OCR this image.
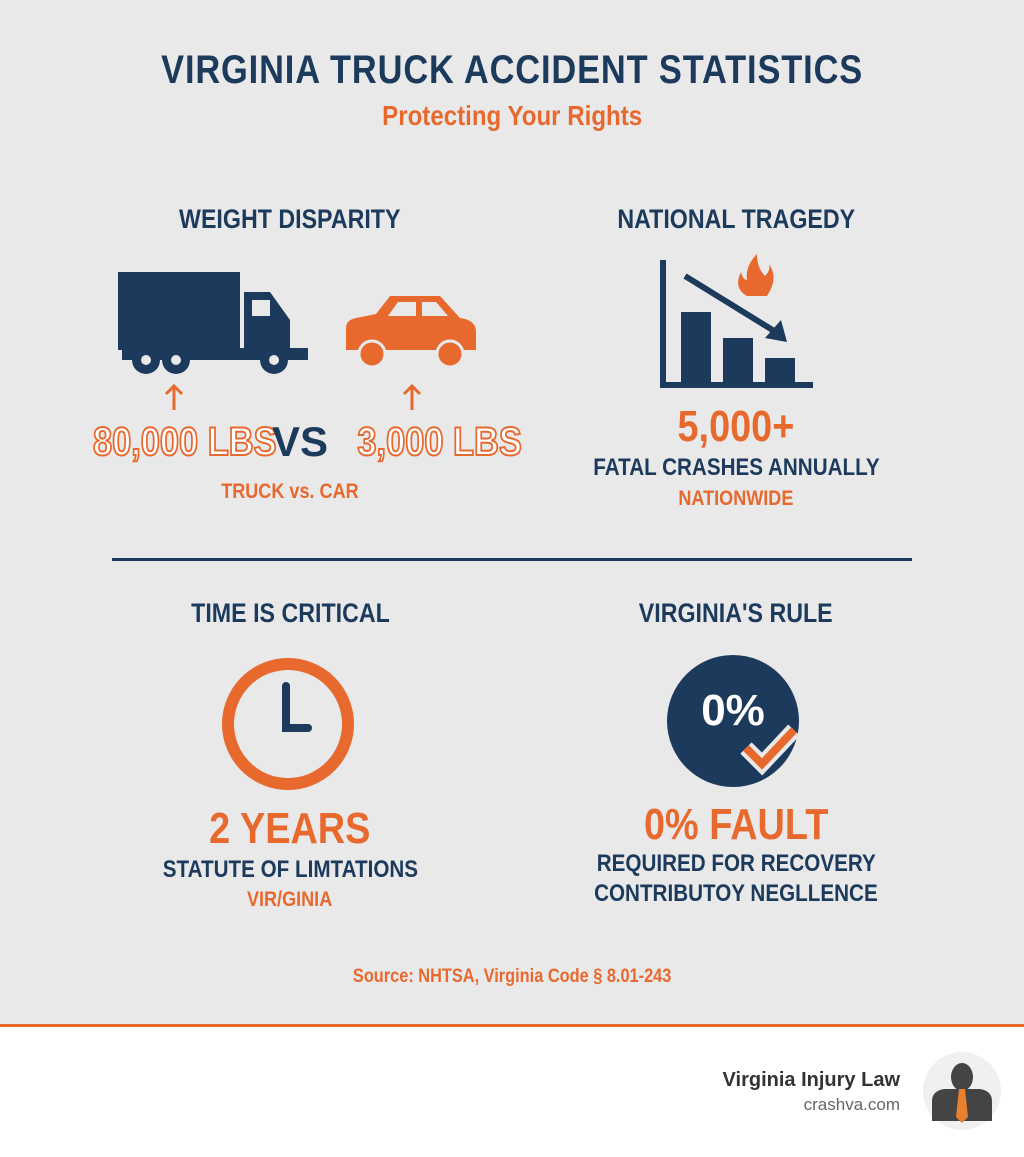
VIRGINIA TRUCK ACCIDENT STATISTICS
Protecting Your Rights
WEIGHT DISPARITY
80,000 LBS
VS 3,000 LBS
TRUCK vs. CAR
NATIONAL TRAGEDY
5,000+
FATAL CRASHES ANNUALLY
NATIONWIDE
TIME IS CRITICAL
2 YEARS
STATUTE OF LIMTATIONS
VIR/GINIA
VIRGINIA'S RULE
0%
0% FAULT
REQUIRED FOR RECOVERY
CONTRIBUTOY NEGLLENCE
Source: NHTSA, Virginia Code § 8.01-243
Virginia Injury Law
crashva.com
